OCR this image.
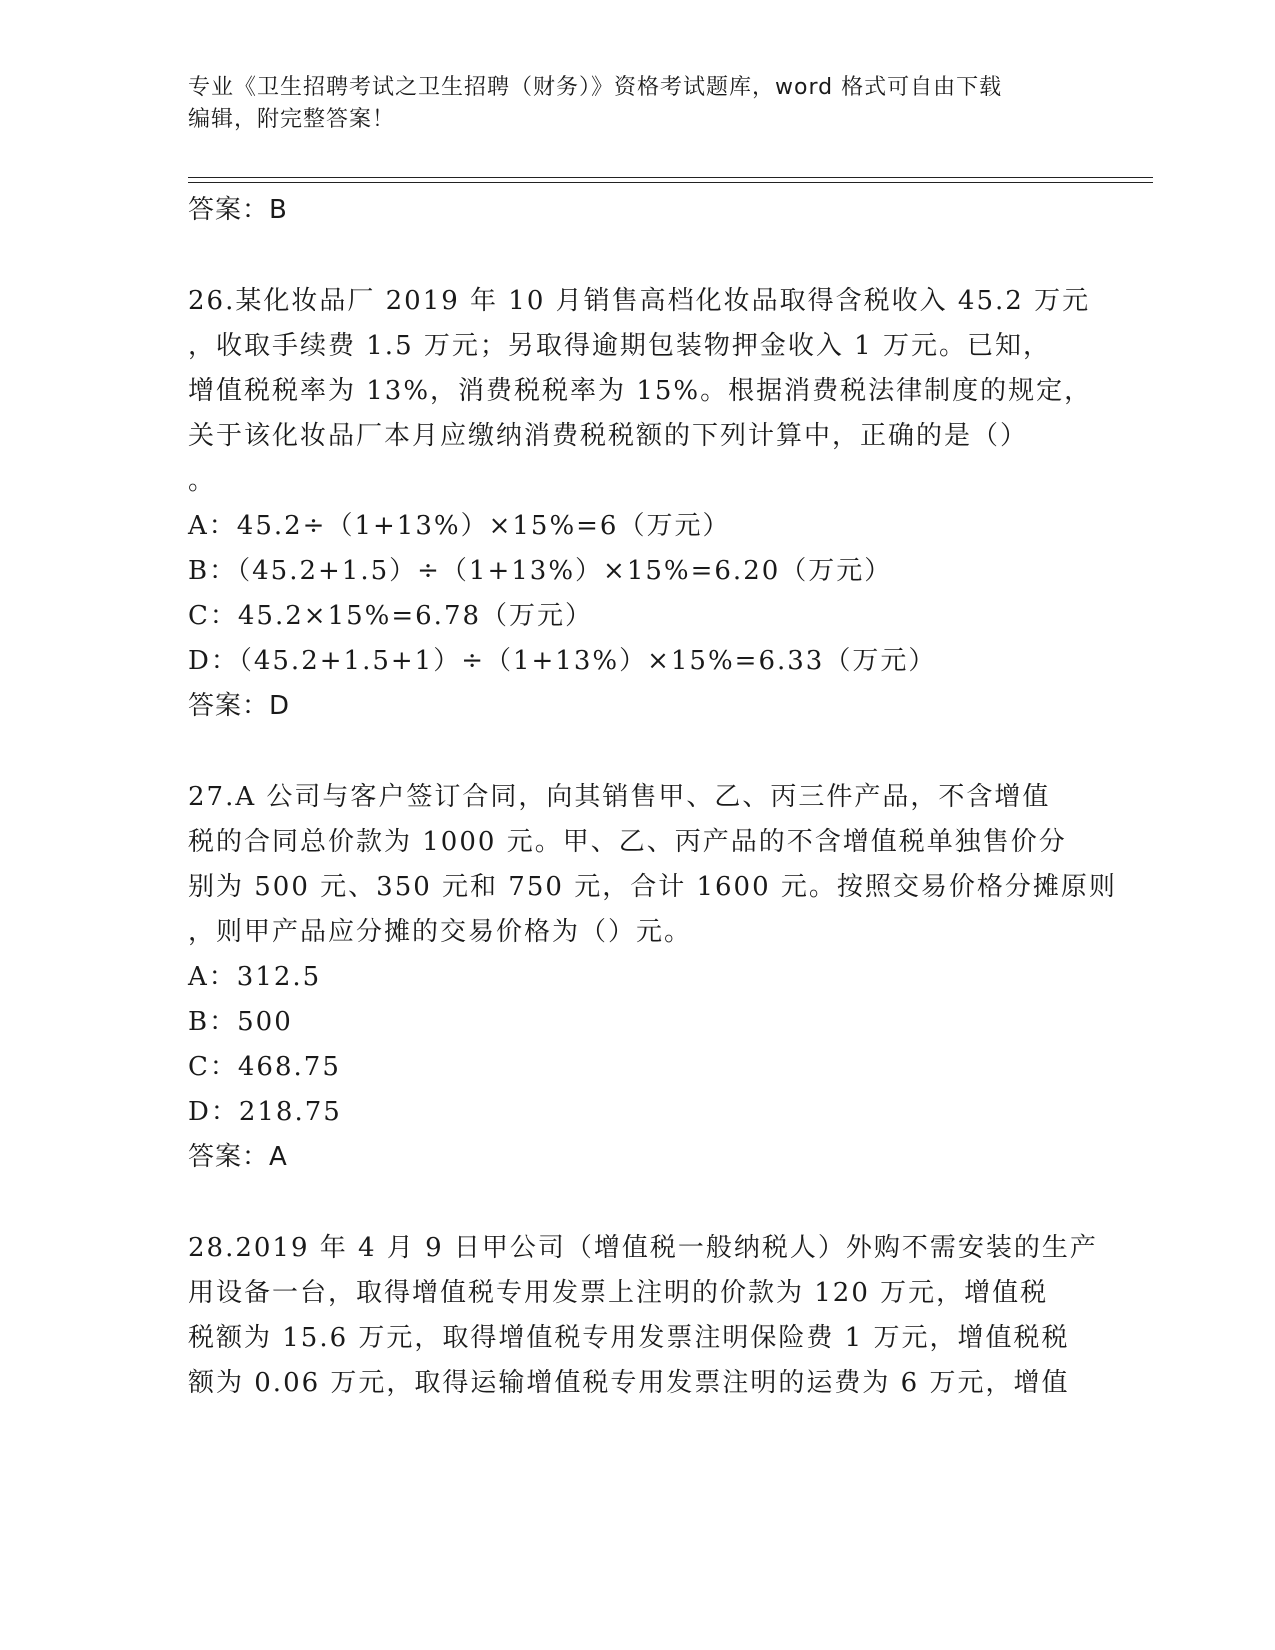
专业《卫生招聘考试之卫生招聘（财务）》资格考试题库，word 格式可自由下载
编辑，附完整答案！
答案：B
26.某化妆品厂 2019 年 10 月销售高档化妆品取得含税收入 45.2 万元
，收取手续费 1.5 万元；另取得逾期包装物押金收入 1 万元。已知，
增值税税率为 13%，消费税税率为 15%。根据消费税法律制度的规定，
关于该化妆品厂本月应缴纳消费税税额的下列计算中，正确的是（）
。
A：45.2÷（1+13%）×15%=6（万元）
B：（45.2+1.5）÷（1+13%）×15%=6.20（万元）
C：45.2×15%=6.78（万元）
D：（45.2+1.5+1）÷（1+13%）×15%=6.33（万元）
答案：D
27.A 公司与客户签订合同，向其销售甲、乙、丙三件产品，不含增值
税的合同总价款为 1000 元。甲、乙、丙产品的不含增值税单独售价分
别为 500 元、350 元和 750 元，合计 1600 元。按照交易价格分摊原则
，则甲产品应分摊的交易价格为（）元。
A：312.5
B：500
C：468.75
D：218.75
答案：A
28.2019 年 4 月 9 日甲公司（增值税一般纳税人）外购不需安装的生产
用设备一台，取得增值税专用发票上注明的价款为 120 万元，增值税
税额为 15.6 万元，取得增值税专用发票注明保险费 1 万元，增值税税
额为 0.06 万元，取得运输增值税专用发票注明的运费为 6 万元，增值
